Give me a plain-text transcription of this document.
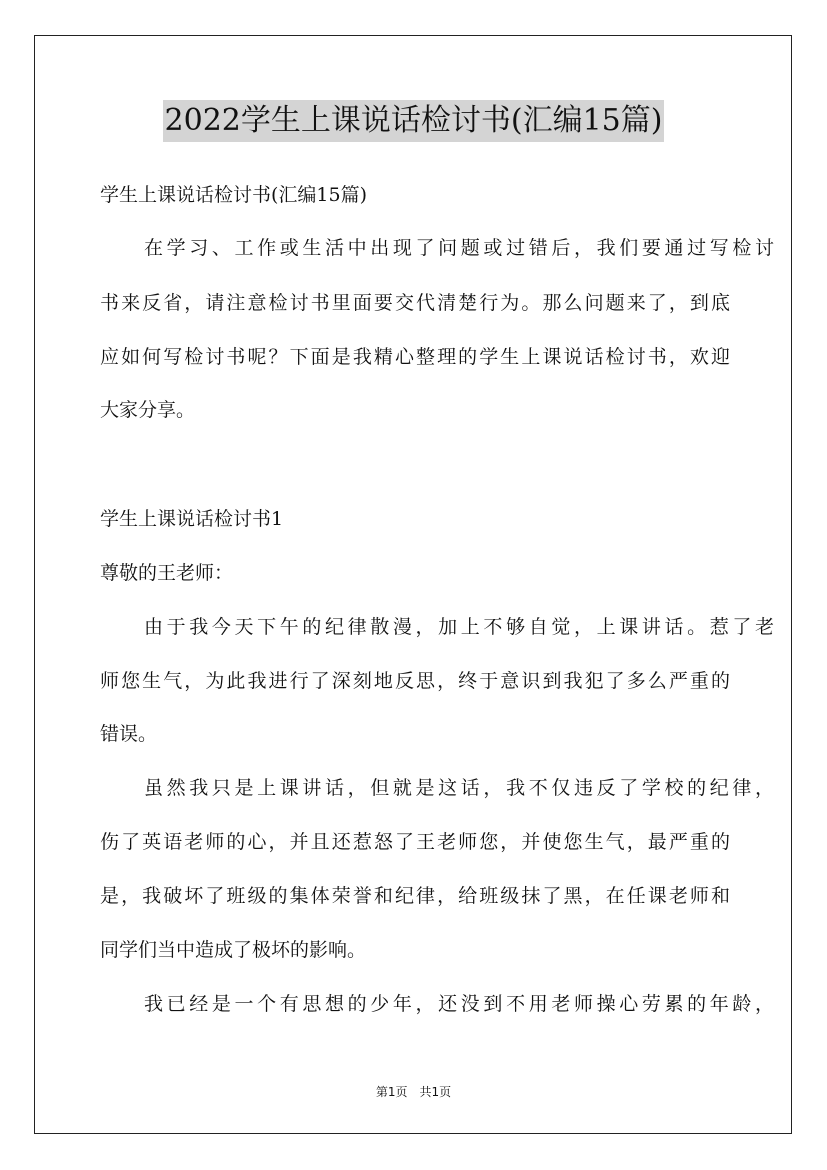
2022学生上课说话检讨书(汇编15篇)
学生上课说话检讨书(汇编15篇)
在学习、工作或生活中出现了问题或过错后，我们要通过写检讨
书来反省，请注意检讨书里面要交代清楚行为。那么问题来了，到底
应如何写检讨书呢？下面是我精心整理的学生上课说话检讨书，欢迎
大家分享。
学生上课说话检讨书1
尊敬的王老师：
由于我今天下午的纪律散漫，加上不够自觉，上课讲话。惹了老
师您生气，为此我进行了深刻地反思，终于意识到我犯了多么严重的
错误。
虽然我只是上课讲话，但就是这话，我不仅违反了学校的纪律，
伤了英语老师的心，并且还惹怒了王老师您，并使您生气，最严重的
是，我破坏了班级的集体荣誉和纪律，给班级抹了黑，在任课老师和
同学们当中造成了极坏的影响。
我已经是一个有思想的少年，还没到不用老师操心劳累的年龄，
第1页　共1页
